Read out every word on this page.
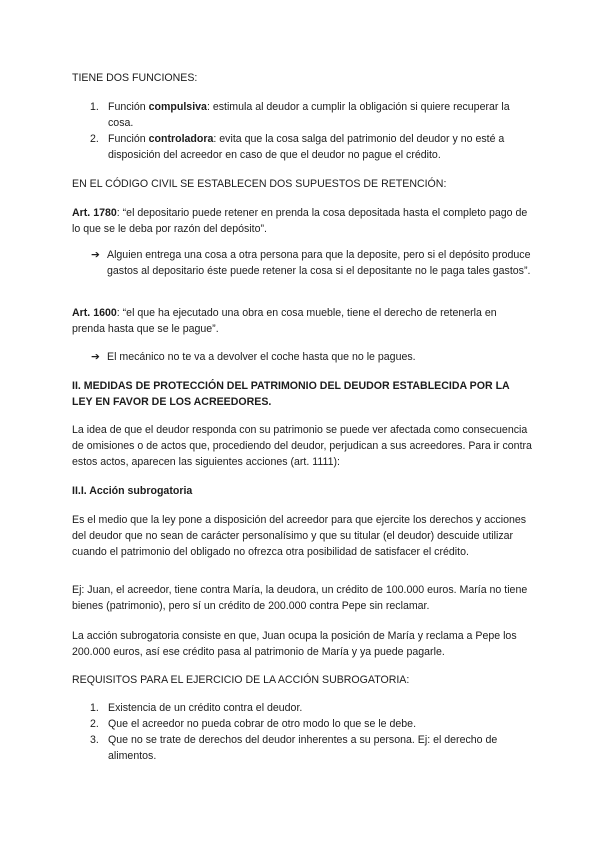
TIENE DOS FUNCIONES:

1. Función compulsiva: estimula al deudor a cumplir la obligación si quiere recuperar la cosa.
2. Función controladora: evita que la cosa salga del patrimonio del deudor y no esté a disposición del acreedor en caso de que el deudor no pague el crédito.

EN EL CÓDIGO CIVIL SE ESTABLECEN DOS SUPUESTOS DE RETENCIÓN:

Art. 1780: “el depositario puede retener en prenda la cosa depositada hasta el completo pago de lo que se le deba por razón del depósito”.

➔ Alguien entrega una cosa a otra persona para que la deposite, pero si el depósito produce gastos al depositario éste puede retener la cosa si el depositante no le paga tales gastos”.

Art. 1600: “el que ha ejecutado una obra en cosa mueble, tiene el derecho de retenerla en prenda hasta que se le pague”.

➔ El mecánico no te va a devolver el coche hasta que no le pagues.

II. MEDIDAS DE PROTECCIÓN DEL PATRIMONIO DEL DEUDOR ESTABLECIDA POR LA LEY EN FAVOR DE LOS ACREEDORES.

La idea de que el deudor responda con su patrimonio se puede ver afectada como consecuencia de omisiones o de actos que, procediendo del deudor, perjudican a sus acreedores. Para ir contra estos actos, aparecen las siguientes acciones (art. 1111):

II.I. Acción subrogatoria

Es el medio que la ley pone a disposición del acreedor para que ejercite los derechos y acciones del deudor que no sean de carácter personalísimo y que su titular (el deudor) descuide utilizar cuando el patrimonio del obligado no ofrezca otra posibilidad de satisfacer el crédito.

Ej: Juan, el acreedor, tiene contra María, la deudora, un crédito de 100.000 euros. María no tiene bienes (patrimonio), pero sí un crédito de 200.000 contra Pepe sin reclamar.

La acción subrogatoria consiste en que, Juan ocupa la posición de María y reclama a Pepe los 200.000 euros, así ese crédito pasa al patrimonio de María y ya puede pagarle.

REQUISITOS PARA EL EJERCICIO DE LA ACCIÓN SUBROGATORIA:

1. Existencia de un crédito contra el deudor.
2. Que el acreedor no pueda cobrar de otro modo lo que se le debe.
3. Que no se trate de derechos del deudor inherentes a su persona. Ej: el derecho de alimentos.
